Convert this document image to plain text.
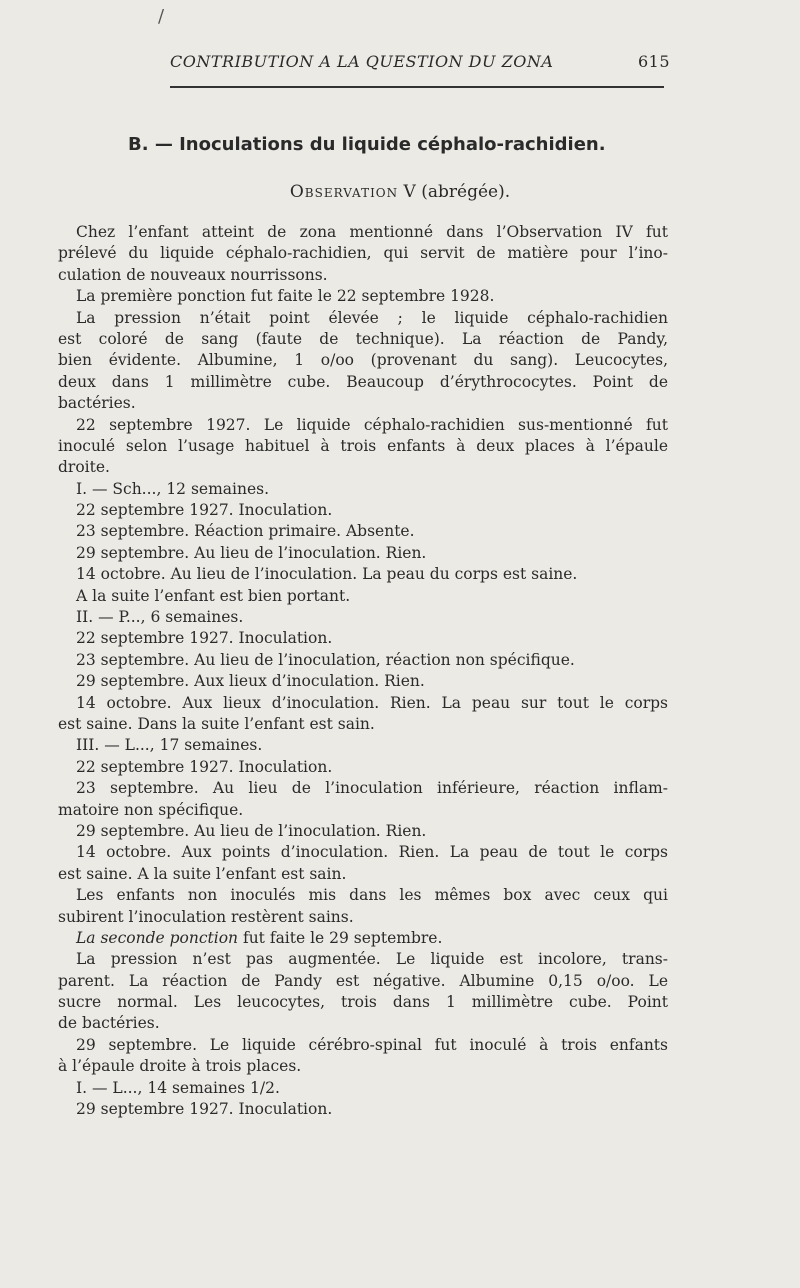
/
CONTRIBUTION A LA QUESTION DU ZONA	615
B. — Inoculations du liquide céphalo-rachidien.
Observation V (abrégée).
Chez l’enfant atteint de zona mentionné dans l’Observation IV fut
prélevé du liquide céphalo-rachidien, qui servit de matière pour l’ino-
culation de nouveaux nourrissons.
La première ponction fut faite le 22 septembre 1928.
La pression n’était point élevée ; le liquide céphalo-rachidien
est coloré de sang (faute de technique). La réaction de Pandy,
bien évidente. Albumine, 1 o/oo (provenant du sang). Leucocytes,
deux dans 1 millimètre cube. Beaucoup d’érythrococytes. Point de
bactéries.
22 septembre 1927. Le liquide céphalo-rachidien sus-mentionné fut
inoculé selon l’usage habituel à trois enfants à deux places à l’épaule
droite.
I. — Sch..., 12 semaines.
22 septembre 1927. Inoculation.
23 septembre. Réaction primaire. Absente.
29 septembre. Au lieu de l’inoculation. Rien.
14 octobre. Au lieu de l’inoculation. La peau du corps est saine.
A la suite l’enfant est bien portant.
II. — P..., 6 semaines.
22 septembre 1927. Inoculation.
23 septembre. Au lieu de l’inoculation, réaction non spécifique.
29 septembre. Aux lieux d’inoculation. Rien.
14 octobre. Aux lieux d’inoculation. Rien. La peau sur tout le corps
est saine. Dans la suite l’enfant est sain.
III. — L..., 17 semaines.
22 septembre 1927. Inoculation.
23 septembre. Au lieu de l’inoculation inférieure, réaction inflam-
matoire non spécifique.
29 septembre. Au lieu de l’inoculation. Rien.
14 octobre. Aux points d’inoculation. Rien. La peau de tout le corps
est saine. A la suite l’enfant est sain.
Les enfants non inoculés mis dans les mêmes box avec ceux qui
subirent l’inoculation restèrent sains.
La seconde ponction fut faite le 29 septembre.
La pression n’est pas augmentée. Le liquide est incolore, trans-
parent. La réaction de Pandy est négative. Albumine 0,15 o/oo. Le
sucre normal. Les leucocytes, trois dans 1 millimètre cube. Point
de bactéries.
29 septembre. Le liquide cérébro-spinal fut inoculé à trois enfants
à l’épaule droite à trois places.
I. — L..., 14 semaines 1/2.
29 septembre 1927. Inoculation.
